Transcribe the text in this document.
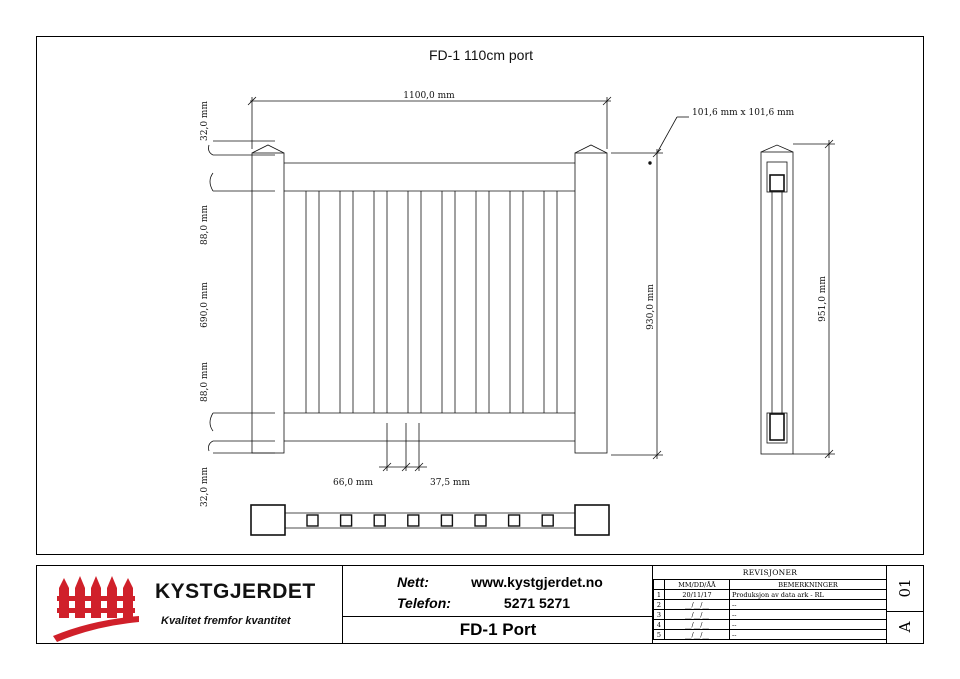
FD-1 110cm port
1100,0 mm
32,0 mm
88,0 mm
690,0 mm
88,0 mm
32,0 mm
101,6 mm x 101,6 mm
930,0 mm
66,0 mm	37,5 mm
951,0 mm
KYSTGJERDET
Kvalitet fremfor kvantitet
Nett:	www.kystgjerdet.no
Telefon:	5271 5271
FD-1 Port
REVISJONER
	MM/DD/ÅÅ	BEMERKNINGER
1	20/11/17	Produksjon av data ark - RL
2	__/__/__	--
3	__/__/__	--
4	__/__/__	--
5	__/__/__	--
01
A
